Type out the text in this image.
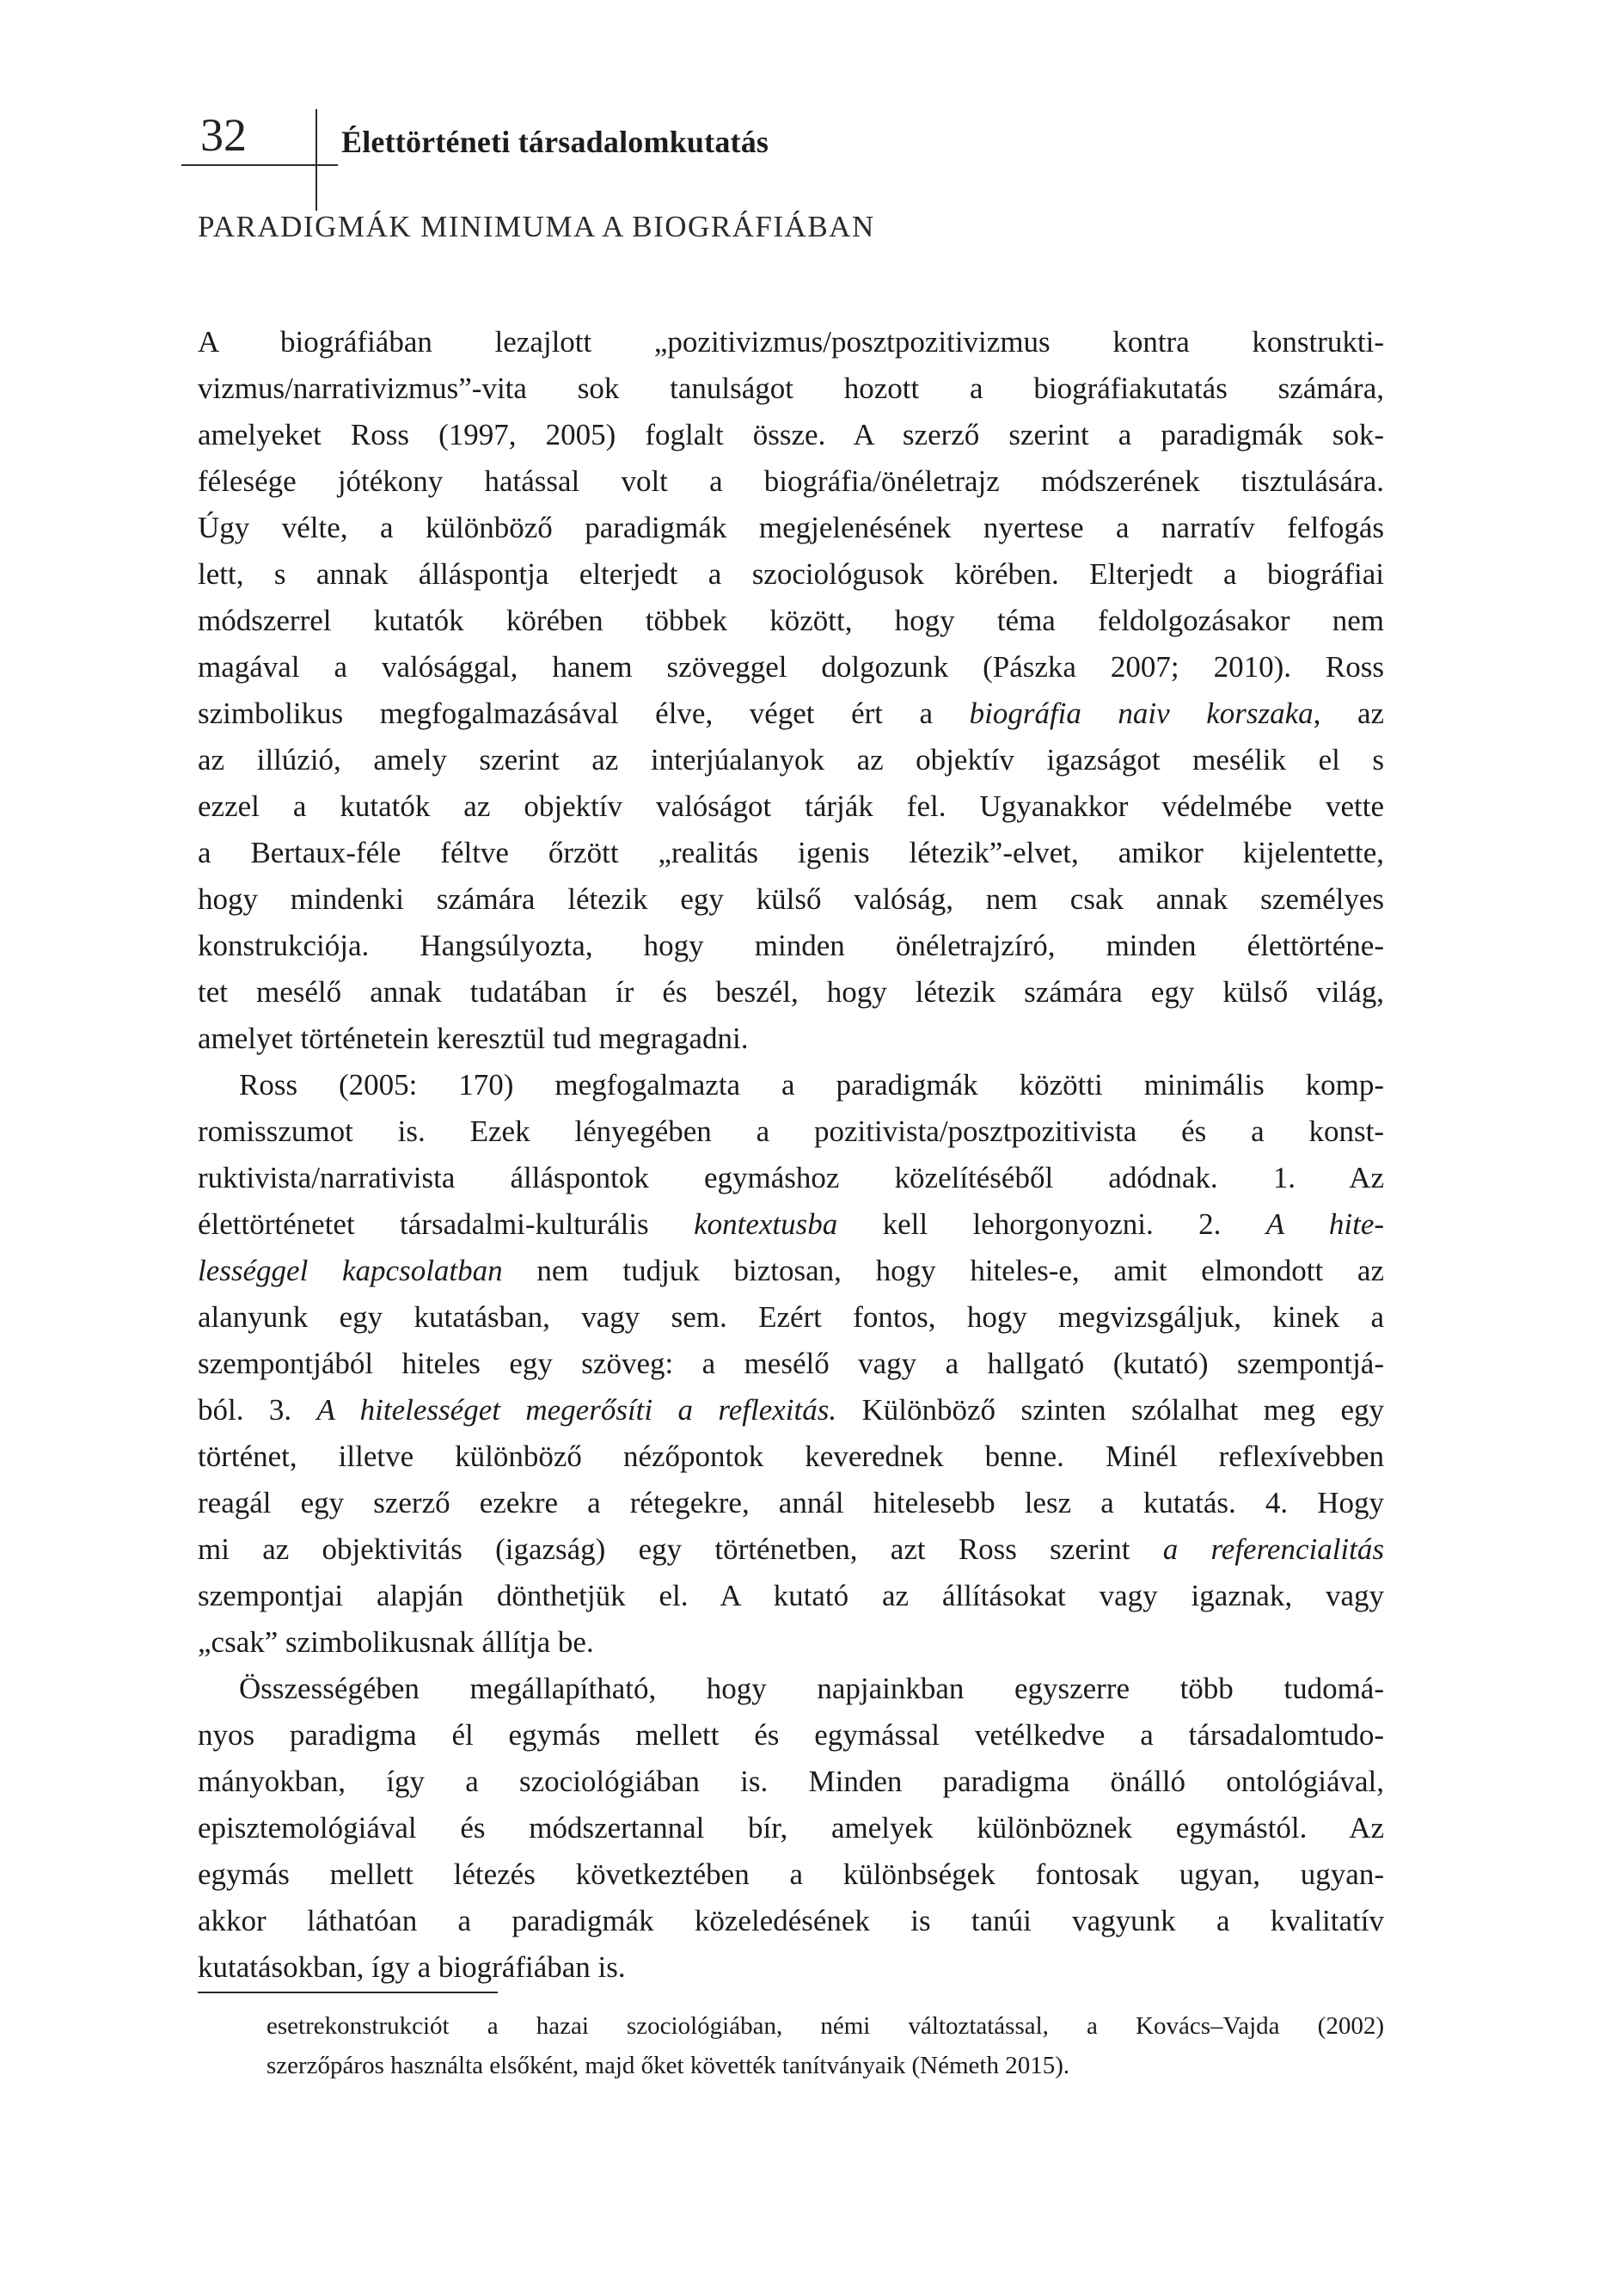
32	Élettörténeti társadalomkutatás
PARADIGMÁK MINIMUMA A BIOGRÁFIÁBAN
A biográfiában lezajlott „pozitivizmus/posztpozitivizmus kontra konstrukti-
vizmus/narrativizmus”-vita sok tanulságot hozott a biográfiakutatás számára,
amelyeket Ross (1997, 2005) foglalt össze. A szerző szerint a paradigmák sok-
félesége jótékony hatással volt a biográfia/önéletrajz módszerének tisztulására.
Úgy vélte, a különböző paradigmák megjelenésének nyertese a narratív felfogás
lett, s annak álláspontja elterjedt a szociológusok körében. Elterjedt a biográfiai
módszerrel kutatók körében többek között, hogy téma feldolgozásakor nem
magával a valósággal, hanem szöveggel dolgozunk (Pászka 2007; 2010). Ross
szimbolikus megfogalmazásával élve, véget ért a biográfia naiv korszaka, az
az illúzió, amely szerint az interjúalanyok az objektív igazságot mesélik el s
ezzel a kutatók az objektív valóságot tárják fel. Ugyanakkor védelmébe vette
a Bertaux-féle féltve őrzött „realitás igenis létezik”-elvet, amikor kijelentette,
hogy mindenki számára létezik egy külső valóság, nem csak annak személyes
konstrukciója. Hangsúlyozta, hogy minden önéletrajzíró, minden élettörténe-
tet mesélő annak tudatában ír és beszél, hogy létezik számára egy külső világ,
amelyet történetein keresztül tud megragadni.
Ross (2005: 170) megfogalmazta a paradigmák közötti minimális komp-
romisszumot is. Ezek lényegében a pozitivista/posztpozitivista és a konst-
ruktivista/narrativista álláspontok egymáshoz közelítéséből adódnak. 1. Az
élettörténetet társadalmi-kulturális kontextusba kell lehorgonyozni. 2. A hite-
lességgel kapcsolatban nem tudjuk biztosan, hogy hiteles-e, amit elmondott az
alanyunk egy kutatásban, vagy sem. Ezért fontos, hogy megvizsgáljuk, kinek a
szempontjából hiteles egy szöveg: a mesélő vagy a hallgató (kutató) szempontjá-
ból. 3. A hitelességet megerősíti a reflexitás. Különböző szinten szólalhat meg egy
történet, illetve különböző nézőpontok keverednek benne. Minél reflexívebben
reagál egy szerző ezekre a rétegekre, annál hitelesebb lesz a kutatás. 4. Hogy
mi az objektivitás (igazság) egy történetben, azt Ross szerint a referencialitás
szempontjai alapján dönthetjük el. A kutató az állításokat vagy igaznak, vagy
„csak” szimbolikusnak állítja be.
Összességében megállapítható, hogy napjainkban egyszerre több tudomá-
nyos paradigma él egymás mellett és egymással vetélkedve a társadalomtudo-
mányokban, így a szociológiában is. Minden paradigma önálló ontológiával,
episztemológiával és módszertannal bír, amelyek különböznek egymástól. Az
egymás mellett létezés következtében a különbségek fontosak ugyan, ugyan-
akkor láthatóan a paradigmák közeledésének is tanúi vagyunk a kvalitatív
kutatásokban, így a biográfiában is.
esetrekonstrukciót a hazai szociológiában, némi változtatással, a Kovács–Vajda (2002)
szerzőpáros használta elsőként, majd őket követték tanítványaik (Németh 2015).
